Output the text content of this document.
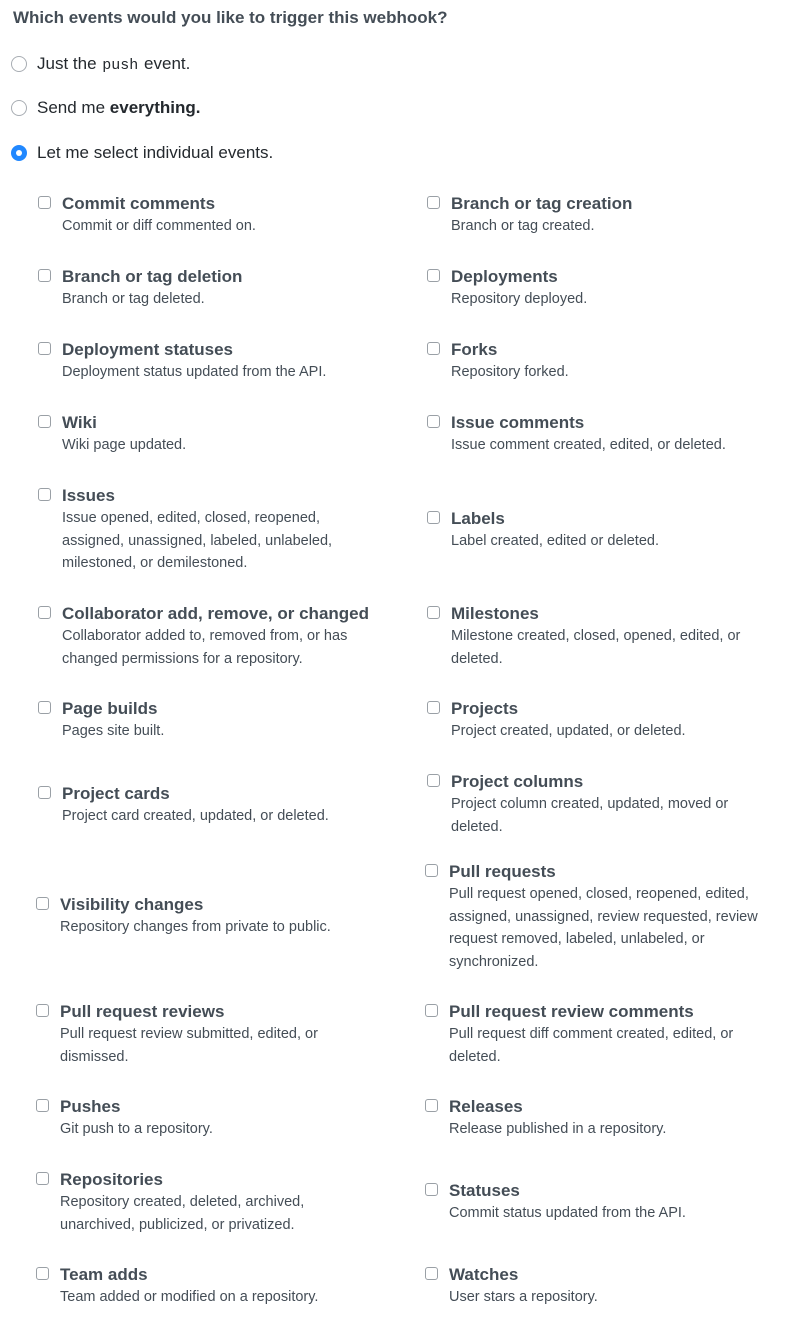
Which events would you like to trigger this webhook?
Just the push event.
Send me everything.
Let me select individual events.
Commit comments
Commit or diff commented on.
Branch or tag creation
Branch or tag created.
Branch or tag deletion
Branch or tag deleted.
Deployments
Repository deployed.
Deployment statuses
Deployment status updated from the API.
Forks
Repository forked.
Wiki
Wiki page updated.
Issue comments
Issue comment created, edited, or deleted.
Issues
Issue opened, edited, closed, reopened, assigned, unassigned, labeled, unlabeled, milestoned, or demilestoned.
Labels
Label created, edited or deleted.
Collaborator add, remove, or changed
Collaborator added to, removed from, or has changed permissions for a repository.
Milestones
Milestone created, closed, opened, edited, or deleted.
Page builds
Pages site built.
Projects
Project created, updated, or deleted.
Project cards
Project card created, updated, or deleted.
Project columns
Project column created, updated, moved or deleted.
Visibility changes
Repository changes from private to public.
Pull requests
Pull request opened, closed, reopened, edited, assigned, unassigned, review requested, review request removed, labeled, unlabeled, or synchronized.
Pull request reviews
Pull request review submitted, edited, or dismissed.
Pull request review comments
Pull request diff comment created, edited, or deleted.
Pushes
Git push to a repository.
Releases
Release published in a repository.
Repositories
Repository created, deleted, archived, unarchived, publicized, or privatized.
Statuses
Commit status updated from the API.
Team adds
Team added or modified on a repository.
Watches
User stars a repository.
